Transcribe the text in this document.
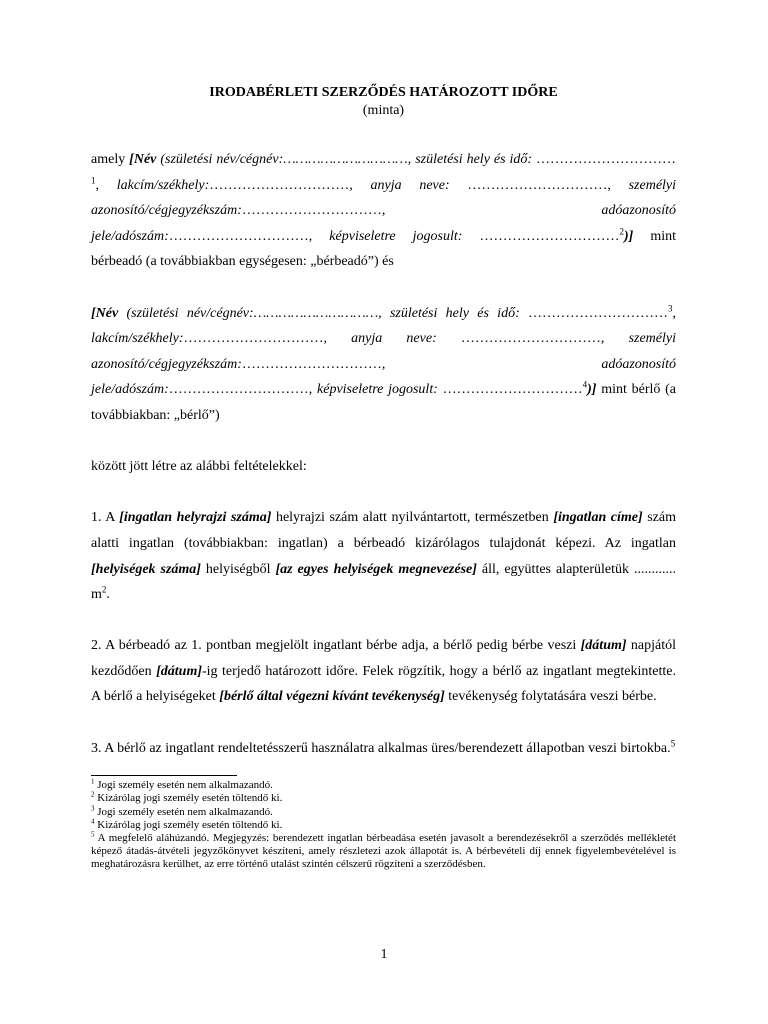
IRODABÉRLETI SZERZŐDÉS HATÁROZOTT IDŐRE

(minta)

amely [Név (születési név/cégnév:…………………………, születési hely és idő: …………………………$^1$, lakcím/székhely:…………………………, anyja neve: …………………………, személyi azonosító/cégjegyzékszám:…………………………, adóazonosító jele/adószám:…………………………, képviseletre jogosult: …………………………$^2$)] mint bérbeadó (a továbbiakban egységesen: „bérbeadó”) és

[Név (születési név/cégnév:…………………………, születési hely és idő: …………………………$^3$, lakcím/székhely:…………………………, anyja neve: …………………………, személyi azonosító/cégjegyzékszám:…………………………, adóazonosító jele/adószám:…………………………, képviseletre jogosult: …………………………$^4$)] mint bérlő (a továbbiakban: „bérlő”)

között jött létre az alábbi feltételekkel:

1. A [ingatlan helyrajzi száma] helyrajzi szám alatt nyilvántartott, természetben [ingatlan címe] szám alatti ingatlan (továbbiakban: ingatlan) a bérbeadó kizárólagos tulajdonát képezi. Az ingatlan [helyiségek száma] helyiségből [az egyes helyiségek megnevezése] áll, együttes alapterületük ............ $m^2$.

2. A bérbeadó az 1. pontban megjelölt ingatlant bérbe adja, a bérlő pedig bérbe veszi [dátum] napjától kezdődően [dátum]-ig terjedő határozott időre. Felek rögzítik, hogy a bérlő az ingatlant megtekintette. A bérlő a helyiségeket [bérlő által végezni kívánt tevékenység] tevékenység folytatására veszi bérbe.

3. A bérlő az ingatlant rendeltetésszerű használatra alkalmas üres/berendezett állapotban veszi birtokba.$^5$

$^1$ Jogi személy esetén nem alkalmazandó.

$^2$ Kizárólag jogi személy esetén töltendő ki.

$^3$ Jogi személy esetén nem alkalmazandó.

$^4$ Kizárólag jogi személy esetén töltendő ki.

$^5$ A megfelelő aláhúzandó. Megjegyzés: berendezett ingatlan bérbeadása esetén javasolt a berendezésekről a szerződés mellékletét képező átadás-átvételi jegyzőkönyvet készíteni, amely részletezi azok állapotát is. A bérbevételi díj ennek figyelembevételével is meghatározásra kerülhet, az erre történő utalást szintén célszerű rögzíteni a szerződésben.

1
